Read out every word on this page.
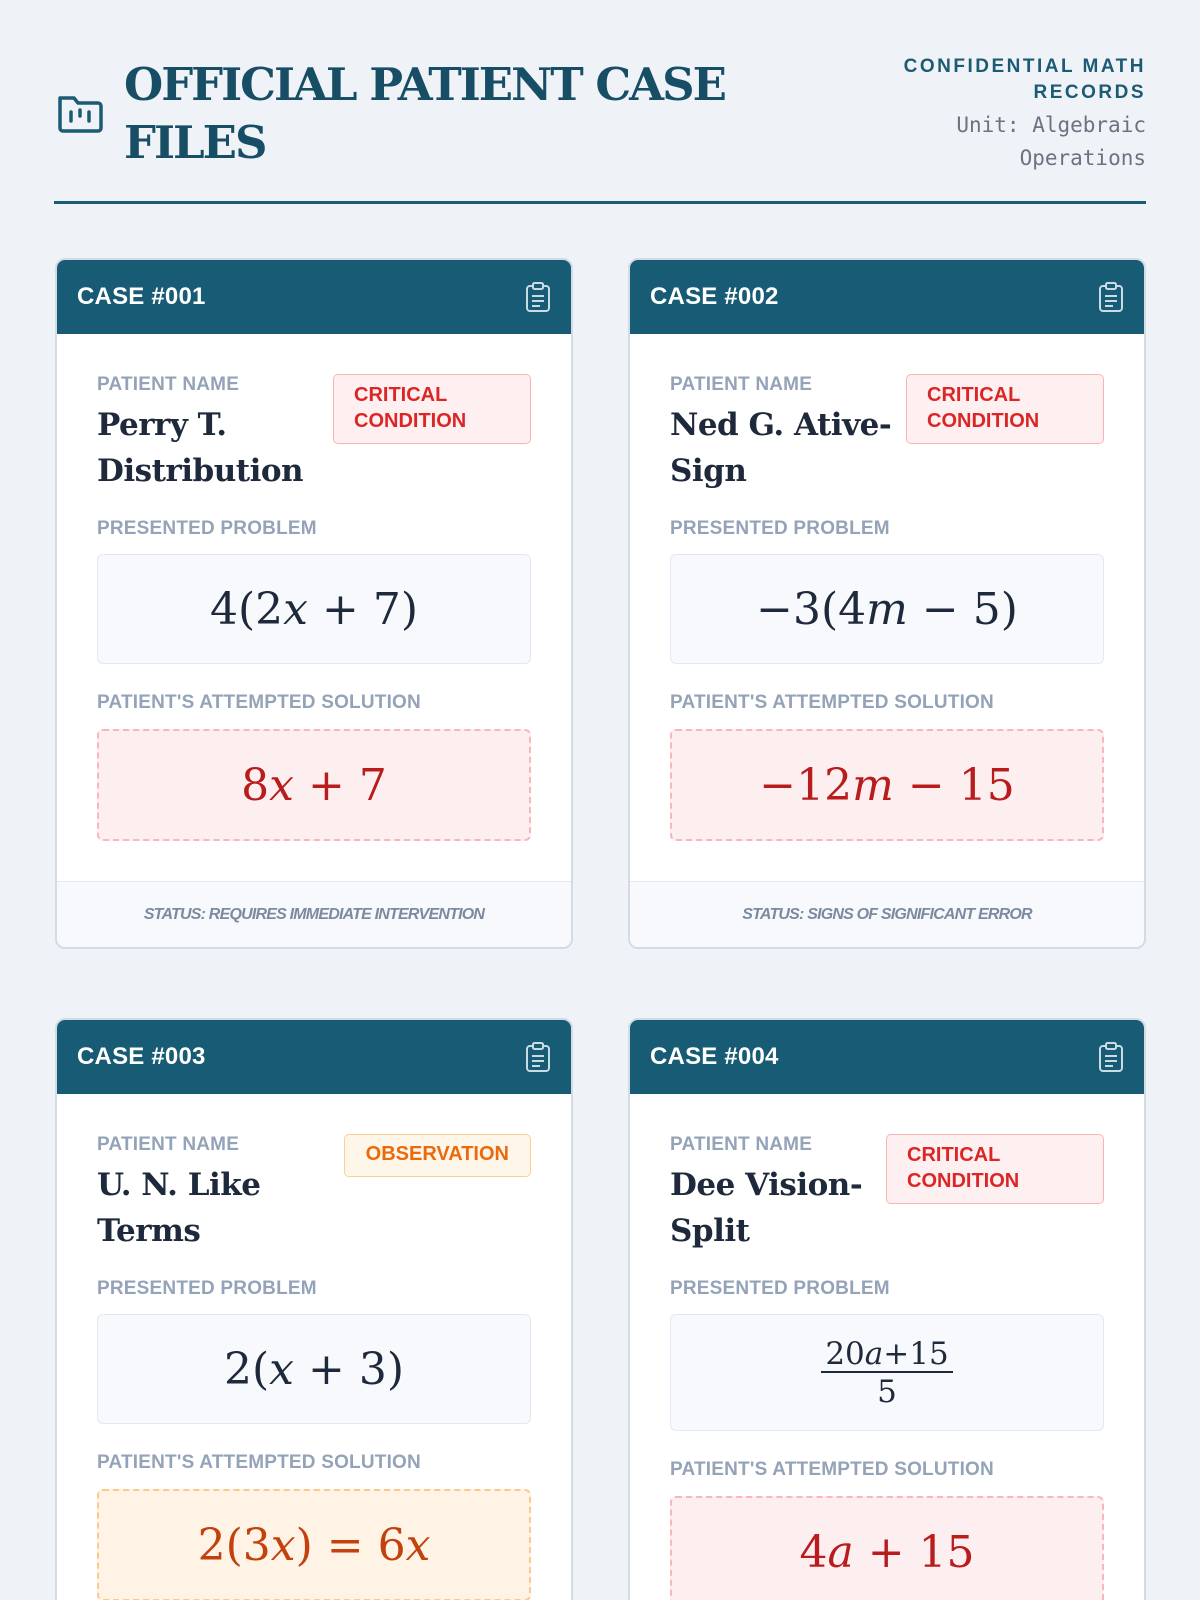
OFFICIAL PATIENT CASE FILES
CONFIDENTIAL MATH RECORDS
Unit: Algebraic Operations
CASE #001
PATIENT NAME
Perry T. Distribution
CRITICAL CONDITION
PRESENTED PROBLEM
4(2 x
+ 7)
PATIENT'S ATTEMPTED SOLUTION
8 x
+ 7
STATUS: REQUIRES IMMEDIATE INTERVENTION
CASE #002
PATIENT NAME
Ned G. Ative-Sign
CRITICAL CONDITION
PRESENTED PROBLEM
−3(4 m
− 5)
PATIENT'S ATTEMPTED SOLUTION
−12 m
− 15
STATUS: SIGNS OF SIGNIFICANT ERROR
CASE #003
PATIENT NAME
U. N. Like Terms
OBSERVATION
PRESENTED PROBLEM
2( x
+ 3)
PATIENT'S ATTEMPTED SOLUTION
2(3 x ) = 6 x
CASE #004
PATIENT NAME
Dee Vision-Split
CRITICAL CONDITION
PRESENTED PROBLEM
$\frac{20a+15}{5}$
PATIENT'S ATTEMPTED SOLUTION
4 a
+ 15
